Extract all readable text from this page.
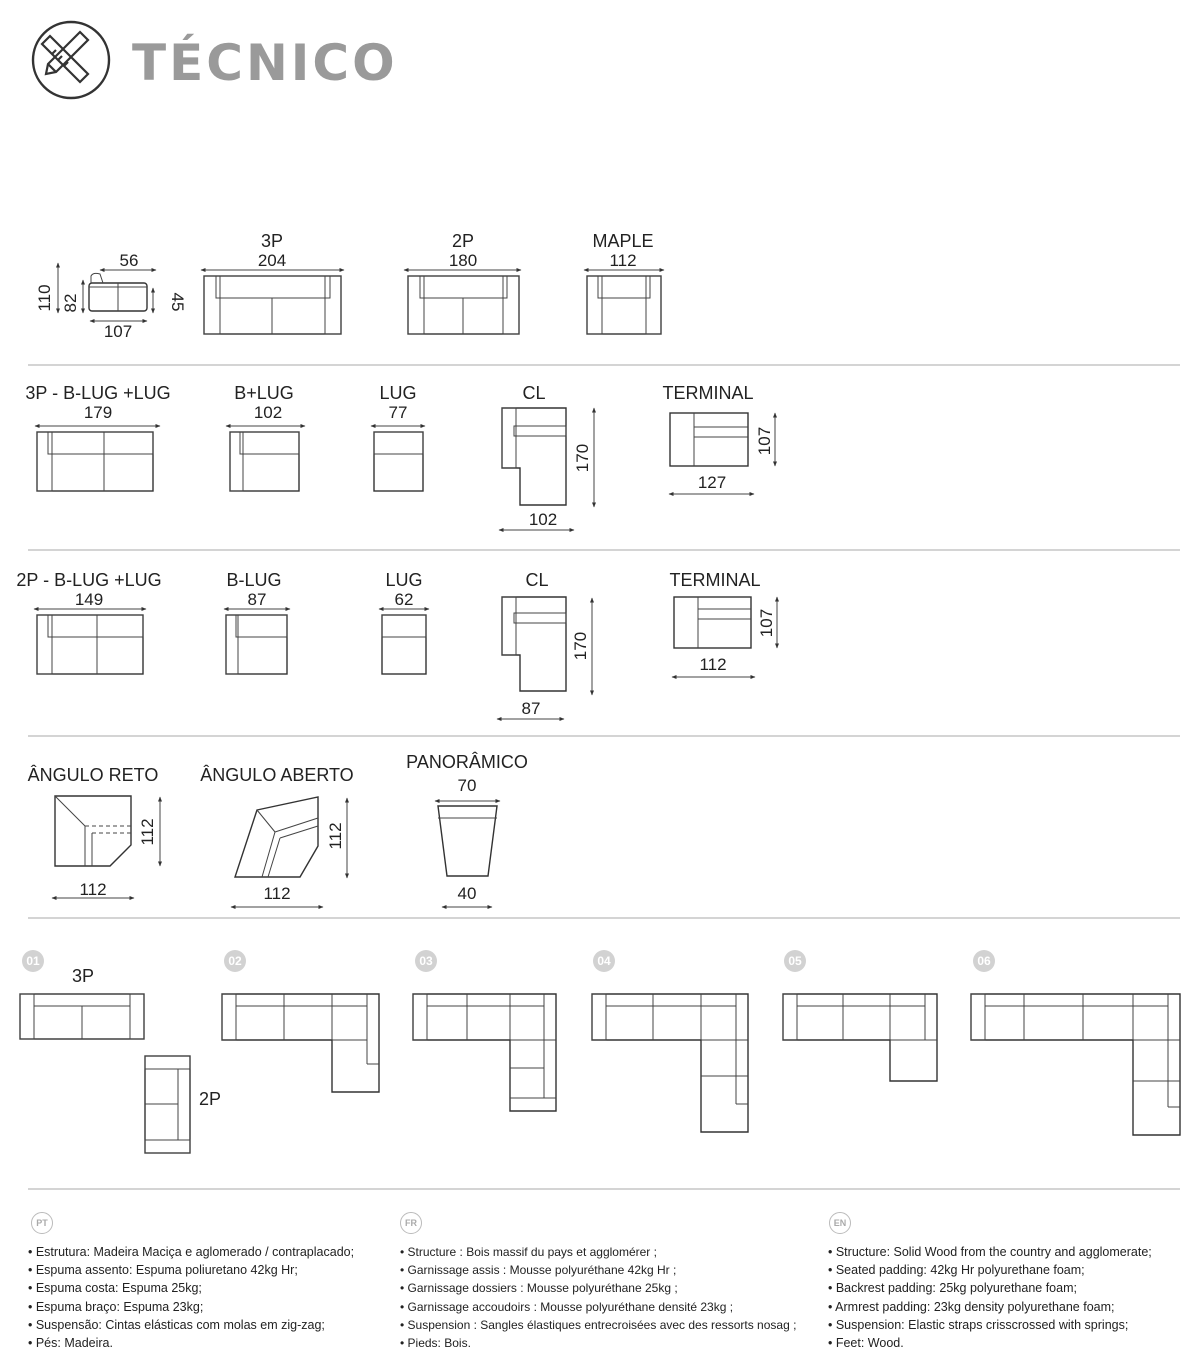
TÉCNICO
56
110 82	45
107
3P
204
2P
180
MAPLE
112
3P - B-LUG +LUG
179
B+LUG
102
LUG
77
CL
170
102
TERMINAL
107
127
2P - B-LUG +LUG
149
B-LUG
87
LUG
62
CL
170
87
TERMINAL
107
112
ÂNGULO RETO
112
112
ÂNGULO ABERTO
112
112
PANORÂMICO
70
40
01	02	03	04	05	06
3P
2P
PT
• Estrutura: Madeira Maciça e aglomerado / contraplacado;
• Espuma assento: Espuma poliuretano 42kg Hr;
• Espuma costa: Espuma 25kg;
• Espuma braço: Espuma 23kg;
• Suspensão: Cintas elásticas com molas em zig-zag;
• Pés: Madeira.
FR
• Structure : Bois massif du pays et agglomérer ;
• Garnissage assis : Mousse polyuréthane 42kg Hr ;
• Garnissage dossiers : Mousse polyuréthane 25kg ;
• Garnissage accoudoirs : Mousse polyuréthane densité 23kg ;
• Suspension : Sangles élastiques entrecroisées avec des ressorts nosag ;
• Pieds: Bois.
EN
• Structure: Solid Wood from the country and agglomerate;
• Seated padding: 42kg Hr polyurethane foam;
• Backrest padding: 25kg polyurethane foam;
• Armrest padding: 23kg density polyurethane foam;
• Suspension: Elastic straps crisscrossed with springs;
• Feet: Wood.
